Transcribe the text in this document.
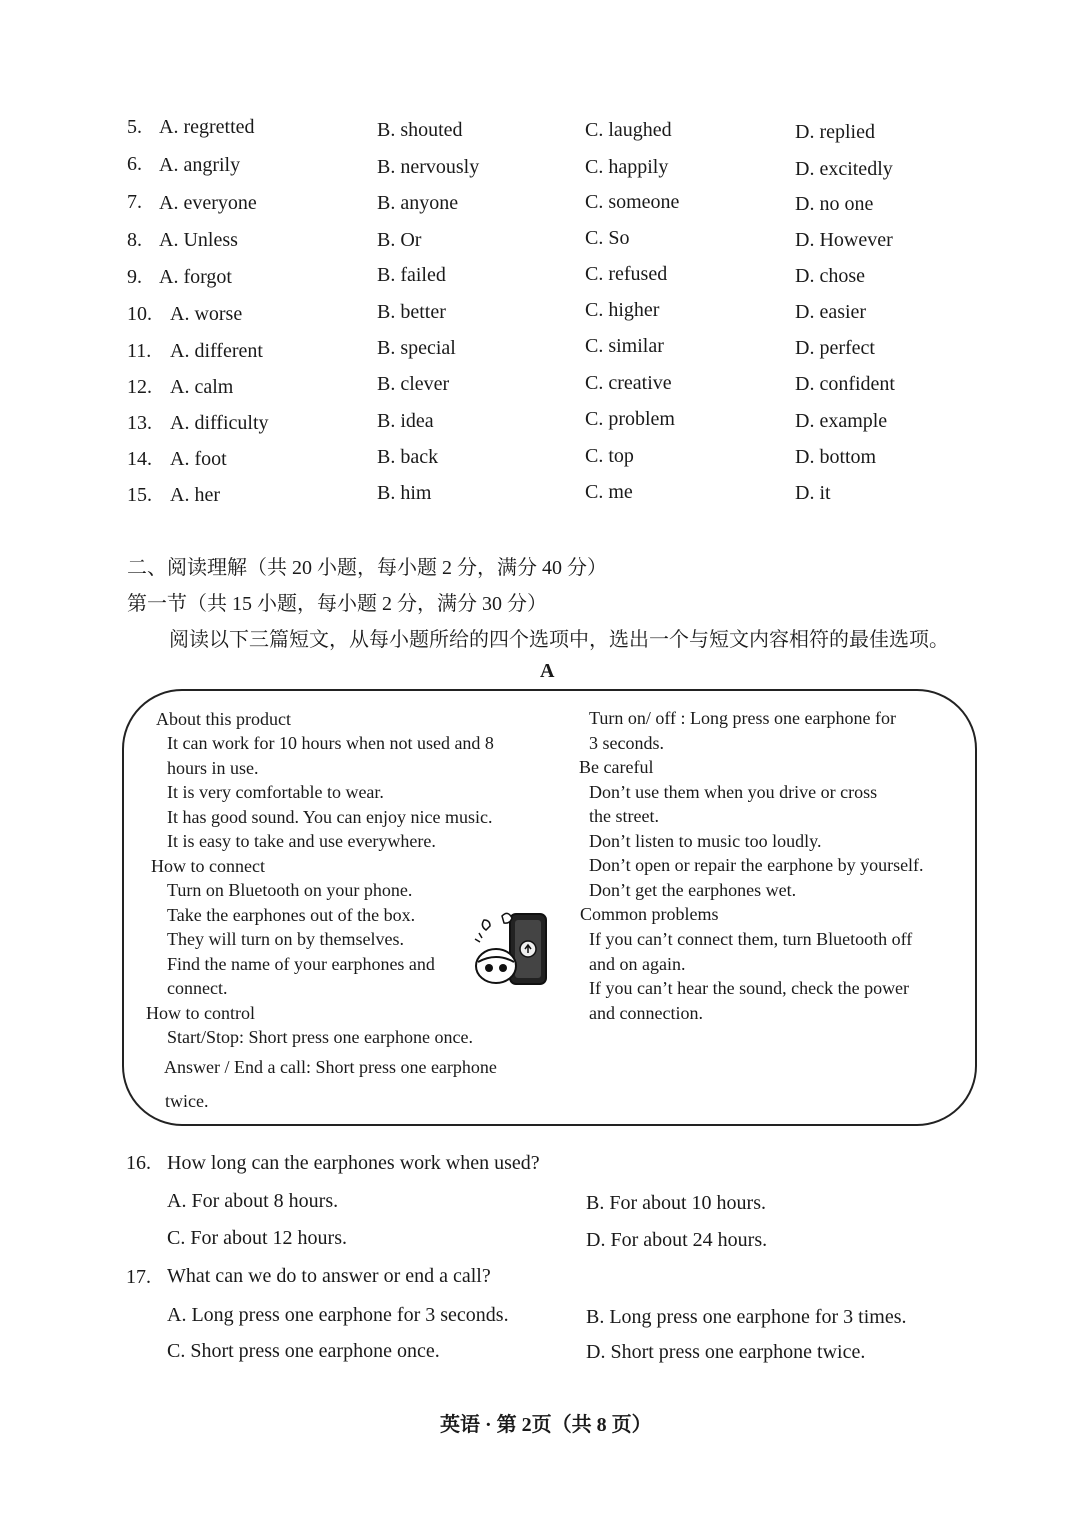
5. A. regretted	B. shouted	C. laughed	D. replied
6. A. angrily	B. nervously	C. happily	D. excitedly
7. A. everyone	B. anyone	C. someone	D. no one
8. A. Unless	B. Or	C. So	D. However
9. A. forgot	B. failed	C. refused	D. chose
10. A. worse	B. better	C. higher	D. easier
11. A. different	B. special	C. similar	D. perfect
12. A. calm	B. clever	C. creative	D. confident
13. A. difficulty	B. idea	C. problem	D. example
14. A. foot	B. back	C. top	D. bottom
15. A. her	B. him	C. me	D. it
二、阅读理解（共 20 小题，每小题 2 分，满分 40 分）
第一节（共 15 小题，每小题 2 分，满分 30 分）
阅读以下三篇短文，从每小题所给的四个选项中，选出一个与短文内容相符的最佳选项。
A
About this product
It can work for 10 hours when not used and 8
hours in use.
It is very comfortable to wear.
It has good sound. You can enjoy nice music.
It is easy to take and use everywhere.
How to connect
Turn on Bluetooth on your phone.
Take the earphones out of the box.
They will turn on by themselves.
Find the name of your earphones and
connect.
How to control
Start/Stop: Short press one earphone once.
Answer / End a call: Short press one earphone
twice.
Turn on/ off : Long press one earphone for
3 seconds.
Be careful
Don’t use them when you drive or cross
the street.
Don’t listen to music too loudly.
Don’t open or repair the earphone by yourself.
Don’t get the earphones wet.
Common problems
If you can’t connect them, turn Bluetooth off
and on again.
If you can’t hear the sound, check the power
and connection.
16. How long can the earphones work when used?
A. For about 8 hours.	B. For about 10 hours.
C. For about 12 hours.	D. For about 24 hours.
17. What can we do to answer or end a call?
A. Long press one earphone for 3 seconds.	B. Long press one earphone for 3 times.
C. Short press one earphone once.	D. Short press one earphone twice.
英语 · 第 2页（共 8 页）
